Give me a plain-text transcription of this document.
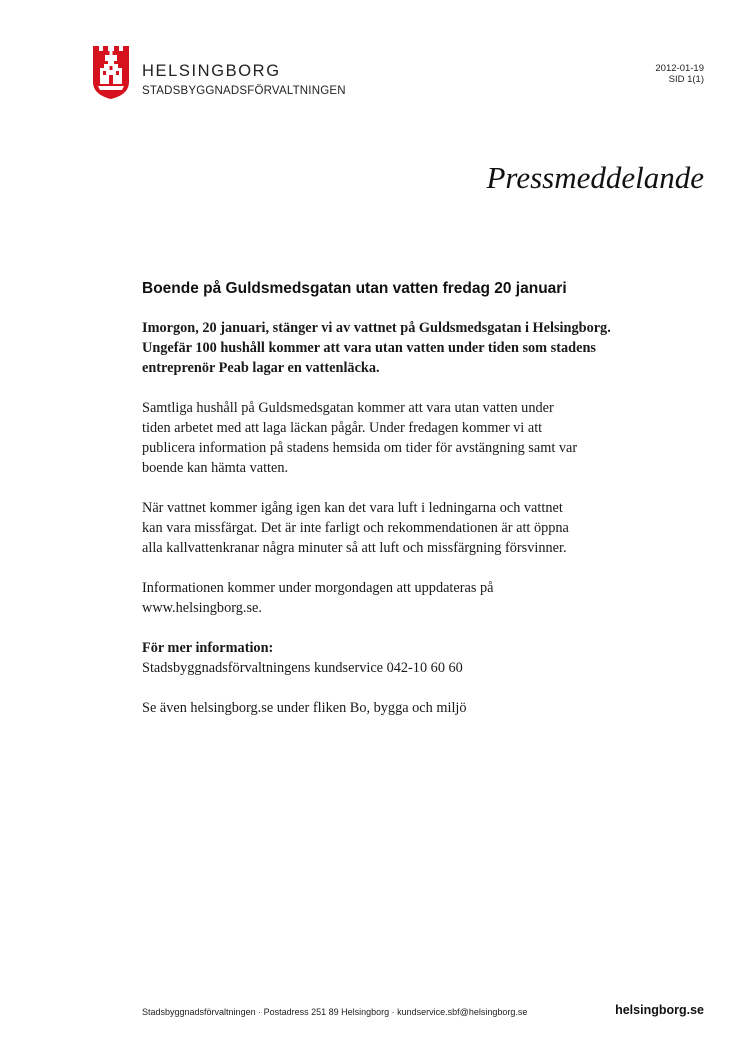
HELSINGBORG
STADSBYGGNADSFÖRVALTNINGEN
2012-01-19
SID 1(1)
Pressmeddelande
Boende på Guldsmedsgatan utan vatten fredag 20 januari

Imorgon, 20 januari, stänger vi av vattnet på Guldsmedsgatan i Helsingborg.
Ungefär 100 hushåll kommer att vara utan vatten under tiden som stadens
entreprenör Peab lagar en vattenläcka.

Samtliga hushåll på Guldsmedsgatan kommer att vara utan vatten under
tiden arbetet med att laga läckan pågår. Under fredagen kommer vi att
publicera information på stadens hemsida om tider för avstängning samt var
boende kan hämta vatten.

När vattnet kommer igång igen kan det vara luft i ledningarna och vattnet
kan vara missfärgat. Det är inte farligt och rekommendationen är att öppna
alla kallvattenkranar några minuter så att luft och missfärgning försvinner.

Informationen kommer under morgondagen att uppdateras på
www.helsingborg.se.

För mer information:
Stadsbyggnadsförvaltningens kundservice 042-10 60 60

Se även helsingborg.se under fliken Bo, bygga och miljö

Stadsbyggnadsförvaltningen · Postadress 251 89 Helsingborg · kundservice.sbf@helsingborg.se	helsingborg.se
